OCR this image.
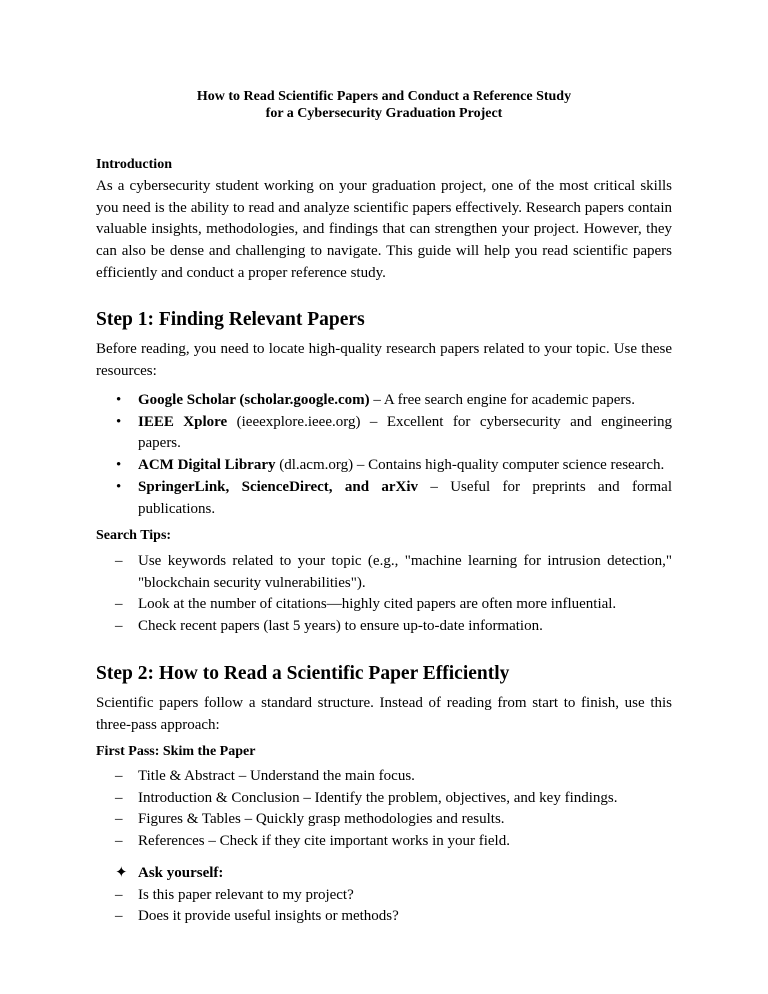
How to Read Scientific Papers and Conduct a Reference Study
for a Cybersecurity Graduation Project
Introduction

As a cybersecurity student working on your graduation project, one of the most critical skills you need is the ability to read and analyze scientific papers effectively. Research papers contain valuable insights, methodologies, and findings that can strengthen your project. However, they can also be dense and challenging to navigate. This guide will help you read scientific papers efficiently and conduct a proper reference study.

Step 1: Finding Relevant Papers

Before reading, you need to locate high-quality research papers related to your topic. Use these resources:

• Google Scholar (scholar.google.com) – A free search engine for academic papers.
• IEEE Xplore (ieeexplore.ieee.org) – Excellent for cybersecurity and engineering papers.
• ACM Digital Library (dl.acm.org) – Contains high-quality computer science research.
• SpringerLink, ScienceDirect, and arXiv – Useful for preprints and formal publications.
Search Tips:
– Use keywords related to your topic (e.g., "machine learning for intrusion detection," "blockchain security vulnerabilities").
– Look at the number of citations—highly cited papers are often more influential.
– Check recent papers (last 5 years) to ensure up-to-date information.
Step 2: How to Read a Scientific Paper Efficiently

Scientific papers follow a standard structure. Instead of reading from start to finish, use this three-pass approach:

First Pass: Skim the Paper
– Title & Abstract – Understand the main focus.
– Introduction & Conclusion – Identify the problem, objectives, and key findings.
– Figures & Tables – Quickly grasp methodologies and results.
– References – Check if they cite important works in your field.
✦ Ask yourself:
– Is this paper relevant to my project?
– Does it provide useful insights or methods?
